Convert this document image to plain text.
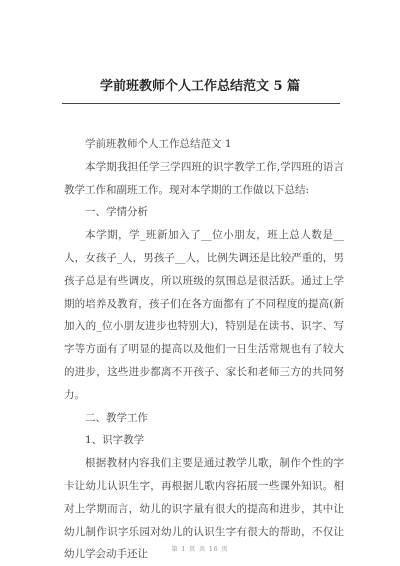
学前班教师个人工作总结范文 5 篇

学前班教师个人工作总结范文 1

本学期我担任学三学四班的识字教学工作,学四班的语言教学工作和副班工作。现对本学期的工作做以下总结:

一、学情分析

本学期，学_班新加入了__位小朋友，班上总人数是__人，女孩子_人，男孩子__人，比例失调还是比较严重的，男孩子总是有些调皮，所以班级的氛围总是很活跃。通过上学期的培养及教育，孩子们在各方面都有了不同程度的提高(新加入的_位小朋友进步也特别大)，特别是在读书、识字、写字等方面有了明显的提高以及他们一日生活常规也有了较大的进步，这些进步都离不开孩子、家长和老师三方的共同努力。

二、教学工作

1、识字教学

根据教材内容我们主要是通过教学儿歌，制作个性的字卡让幼儿认识生字，再根据儿歌内容拓展一些课外知识。相对上学期而言，幼儿的识字量有很大的提高和进步，其中让幼儿制作识字乐园对幼儿的认识生字有很大的帮助，不仅让幼儿学会动手还让	第 1 页 共 16 页
